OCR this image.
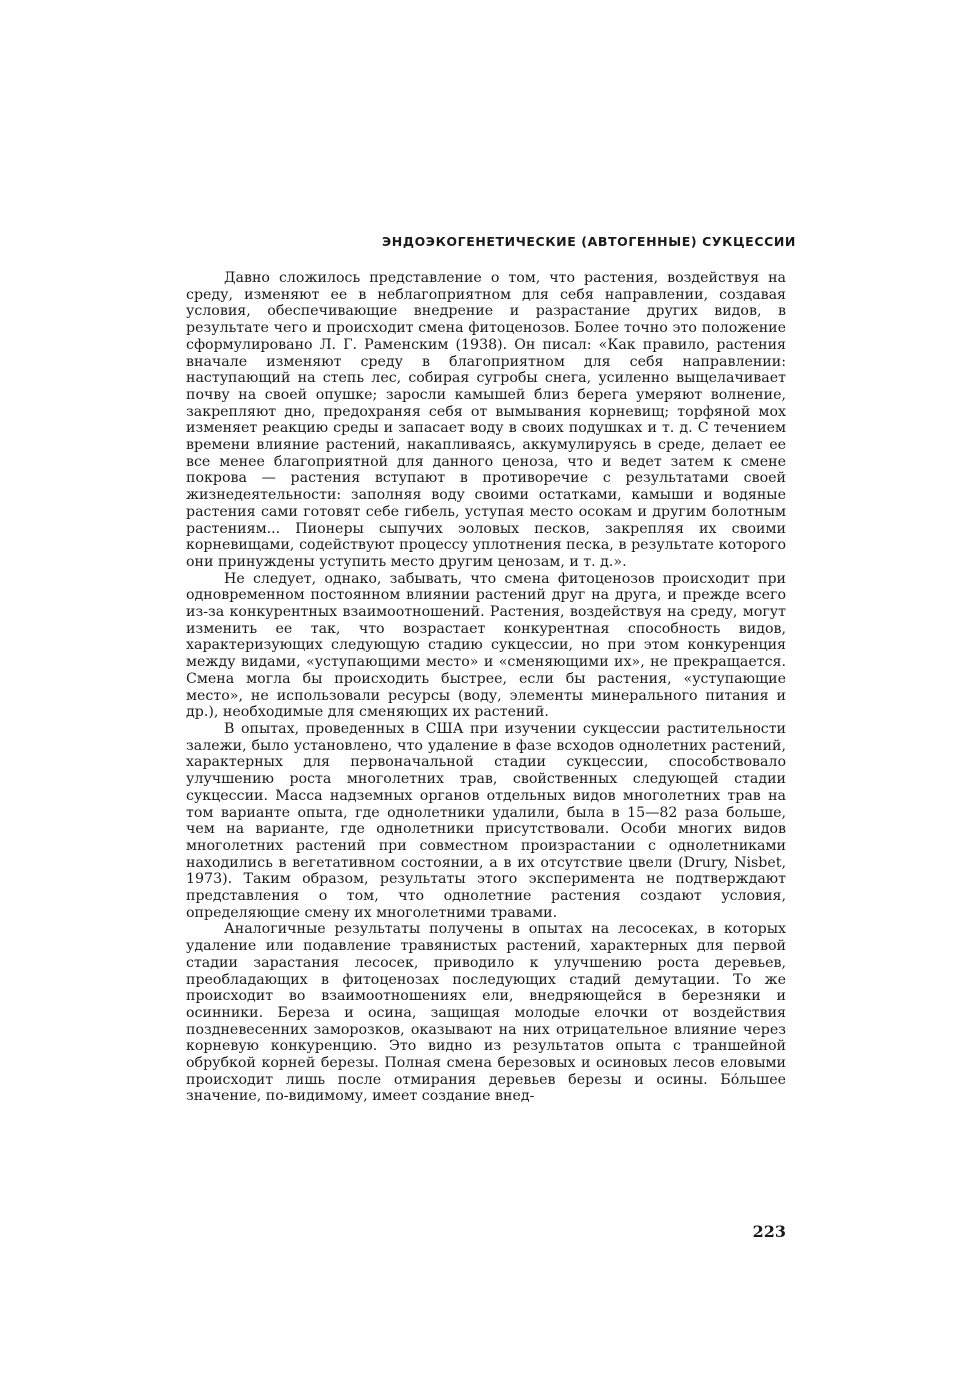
ЭНДОЭКОГЕНЕТИЧЕСКИЕ (АВТОГЕННЫЕ) СУКЦЕССИИ

Давно сложилось представление о том, что растения, воздействуя на среду, изменяют ее в неблагоприятном для себя направлении, создавая условия, обеспечивающие внедрение и разрастание других видов, в результате чего и происходит смена фитоценозов. Более точно это положение сформулировано Л. Г. Раменским (1938). Он писал: «Как правило, растения вначале изменяют среду в благоприятном для себя направлении: наступающий на степь лес, собирая сугробы снега, усиленно выщелачивает почву на своей опушке; заросли камышей близ берега умеряют волнение, закрепляют дно, предохраняя себя от вымывания корневищ; торфяной мох изменяет реакцию среды и запасает воду в своих подушках и т. д. С течением времени влияние растений, накапливаясь, аккумулируясь в среде, делает ее все менее благоприятной для данного ценоза, что и ведет затем к смене покрова — растения вступают в противоречие с результатами своей жизнедеятельности: заполняя воду своими остатками, камыши и водяные растения сами готовят себе гибель, уступая место осокам и другим болотным растениям... Пионеры сыпучих эоловых песков, закрепляя их своими корневищами, содействуют процессу уплотнения песка, в результате которого они принуждены уступить место другим ценозам, и т. д.».

Не следует, однако, забывать, что смена фитоценозов происходит при одновременном постоянном влиянии растений друг на друга, и прежде всего из-за конкурентных взаимоотношений. Растения, воздействуя на среду, могут изменить ее так, что возрастает конкурентная способность видов, характеризующих следующую стадию сукцессии, но при этом конкуренция между видами, «уступающими место» и «сменяющими их», не прекращается. Смена могла бы происходить быстрее, если бы растения, «уступающие место», не использовали ресурсы (воду, элементы минерального питания и др.), необходимые для сменяющих их растений.

В опытах, проведенных в США при изучении сукцессии растительности залежи, было установлено, что удаление в фазе всходов однолетних растений, характерных для первоначальной стадии сукцессии, способствовало улучшению роста многолетних трав, свойственных следующей стадии сукцессии. Масса надземных органов отдельных видов многолетних трав на том варианте опыта, где однолетники удалили, была в 15—82 раза больше, чем на варианте, где однолетники присутствовали. Особи многих видов многолетних растений при совместном произрастании с однолетниками находились в вегетативном состоянии, а в их отсутствие цвели (Drury, Nisbet, 1973). Таким образом, результаты этого эксперимента не подтверждают представления о том, что однолетние растения создают условия, определяющие смену их многолетними травами.

Аналогичные результаты получены в опытах на лесосеках, в которых удаление или подавление травянистых растений, характерных для первой стадии зарастания лесосек, приводило к улучшению роста деревьев, преобладающих в фитоценозах последующих стадий демутации. То же происходит во взаимоотношениях ели, внедряющейся в березняки и осинники. Береза и осина, защищая молодые елочки от воздействия поздневесенних заморозков, оказывают на них отрицательное влияние через корневую конкуренцию. Это видно из результатов опыта с траншейной обрубкой корней березы. Полная смена березовых и осиновых лесов еловыми происходит лишь после отмирания деревьев березы и осины. Бо́льшее значение, по-видимому, имеет создание внед-

223
